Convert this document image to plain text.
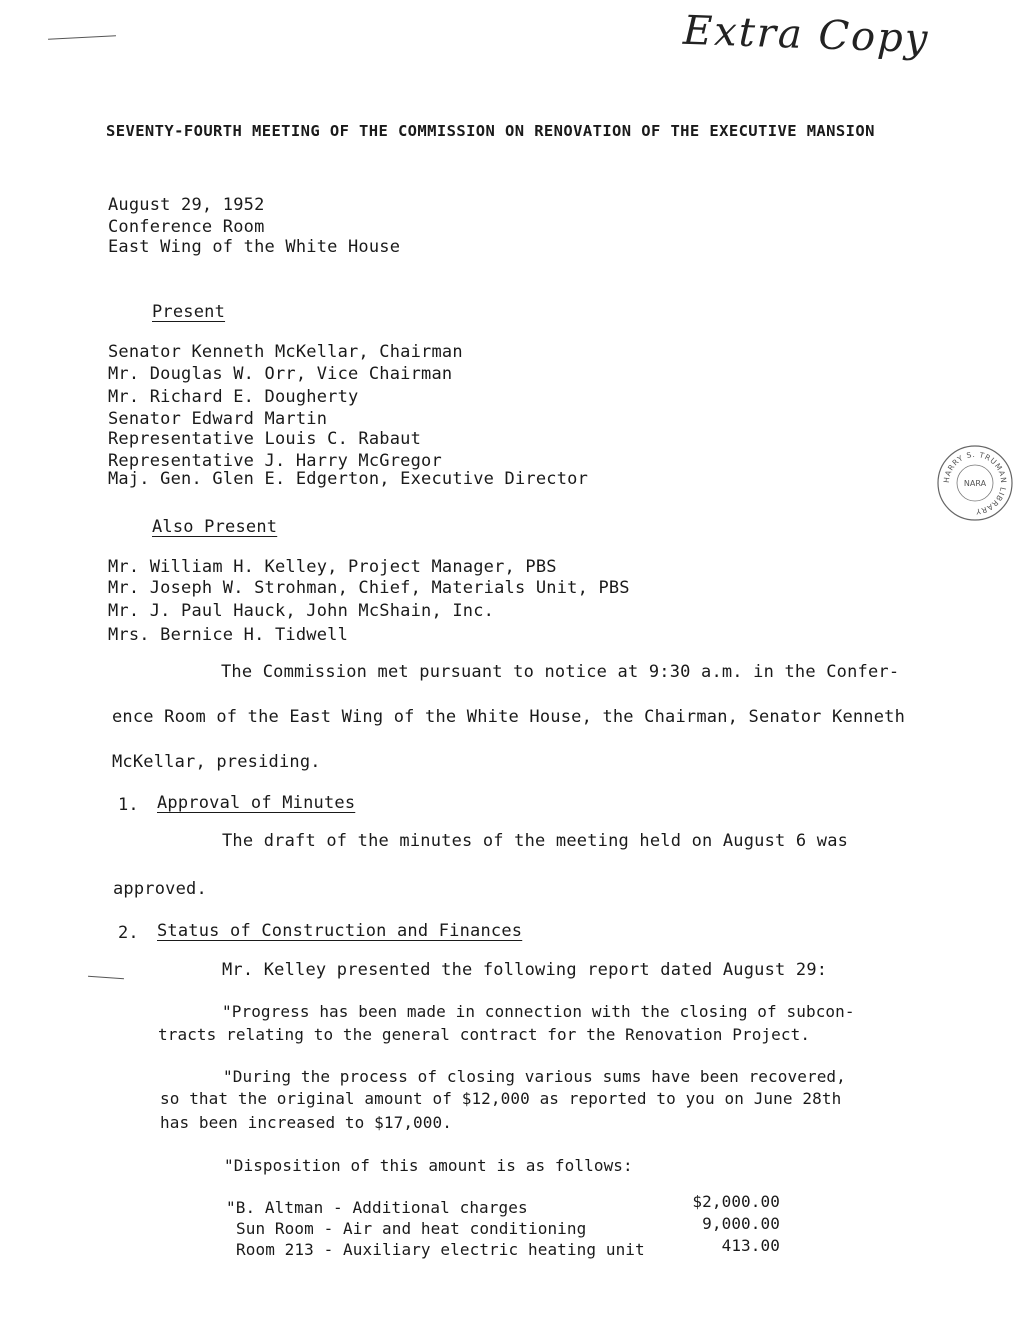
Extra Copy
SEVENTY-FOURTH MEETING OF THE COMMISSION ON RENOVATION OF THE EXECUTIVE MANSION
August 29, 1952
Conference Room
East Wing of the White House
Present
Senator Kenneth McKellar, Chairman
Mr. Douglas W. Orr, Vice Chairman
Mr. Richard E. Dougherty
Senator Edward Martin
Representative Louis C. Rabaut
Representative J. Harry McGregor
Maj. Gen. Glen E. Edgerton, Executive Director
Also Present
Mr. William H. Kelley, Project Manager, PBS
Mr. Joseph W. Strohman, Chief, Materials Unit, PBS
Mr. J. Paul Hauck, John McShain, Inc.
Mrs. Bernice H. Tidwell
The Commission met pursuant to notice at 9:30 a.m. in the Confer-
ence Room of the East Wing of the White House, the Chairman, Senator Kenneth
McKellar, presiding.
1. Approval of Minutes
The draft of the minutes of the meeting held on August 6 was
approved.
2. Status of Construction and Finances
Mr. Kelley presented the following report dated August 29:
"Progress has been made in connection with the closing of subcon-
tracts relating to the general contract for the Renovation Project.
"During the process of closing various sums have been recovered,
so that the original amount of $12,000 as reported to you on June 28th
has been increased to $17,000.
"Disposition of this amount is as follows:
"B. Altman - Additional charges	$2,000.00
Sun Room - Air and heat conditioning	9,000.00
Room 213 - Auxiliary electric heating unit	413.00
HARRY S. TRUMAN LIBRARY
NARA
